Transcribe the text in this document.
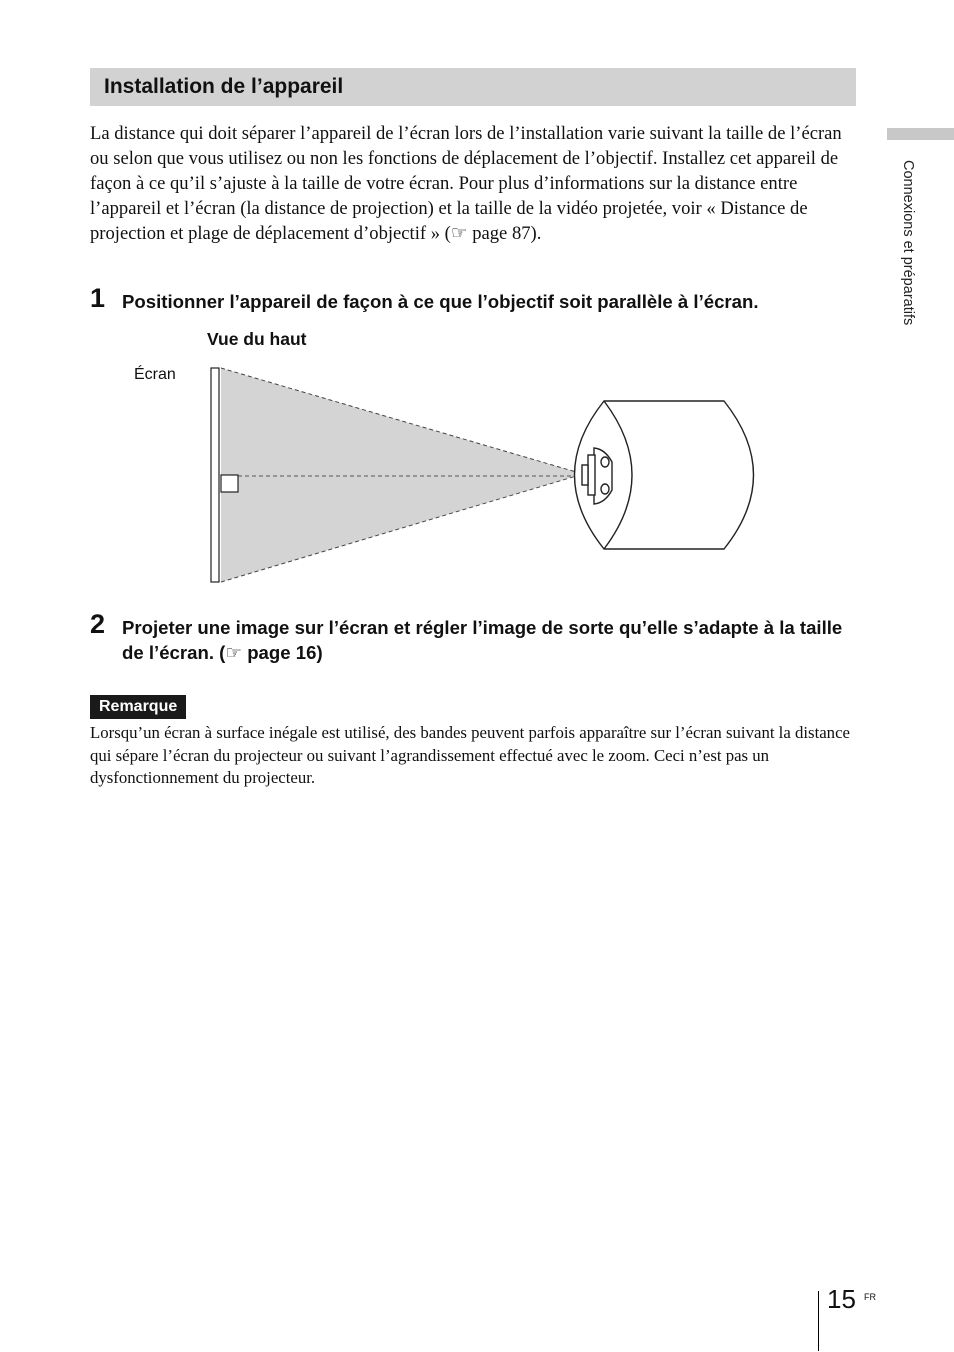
Installation de l’appareil

La distance qui doit séparer l’appareil de l’écran lors de l’installation varie suivant la taille de l’écran ou selon que vous utilisez ou non les fonctions de déplacement de l’objectif. Installez cet appareil de façon à ce qu’il s’ajuste à la taille de votre écran. Pour plus d’informations sur la distance entre l’appareil et l’écran (la distance de projection) et la taille de la vidéo projetée, voir « Distance de projection et plage de déplacement d’objectif » (☞ page 87).

1 Positionner l’appareil de façon à ce que l’objectif soit parallèle à l’écran.

Vue du haut
Écran
2 Projeter une image sur l’écran et régler l’image de sorte qu’elle s’adapte à la taille de l’écran. (☞ page 16)

Remarque

Lorsqu’un écran à surface inégale est utilisé, des bandes peuvent parfois apparaître sur l’écran suivant la distance qui sépare l’écran du projecteur ou suivant l’agrandissement effectué avec le zoom. Ceci n’est pas un dysfonctionnement du projecteur.

Connexions et préparatifs
15 FR
